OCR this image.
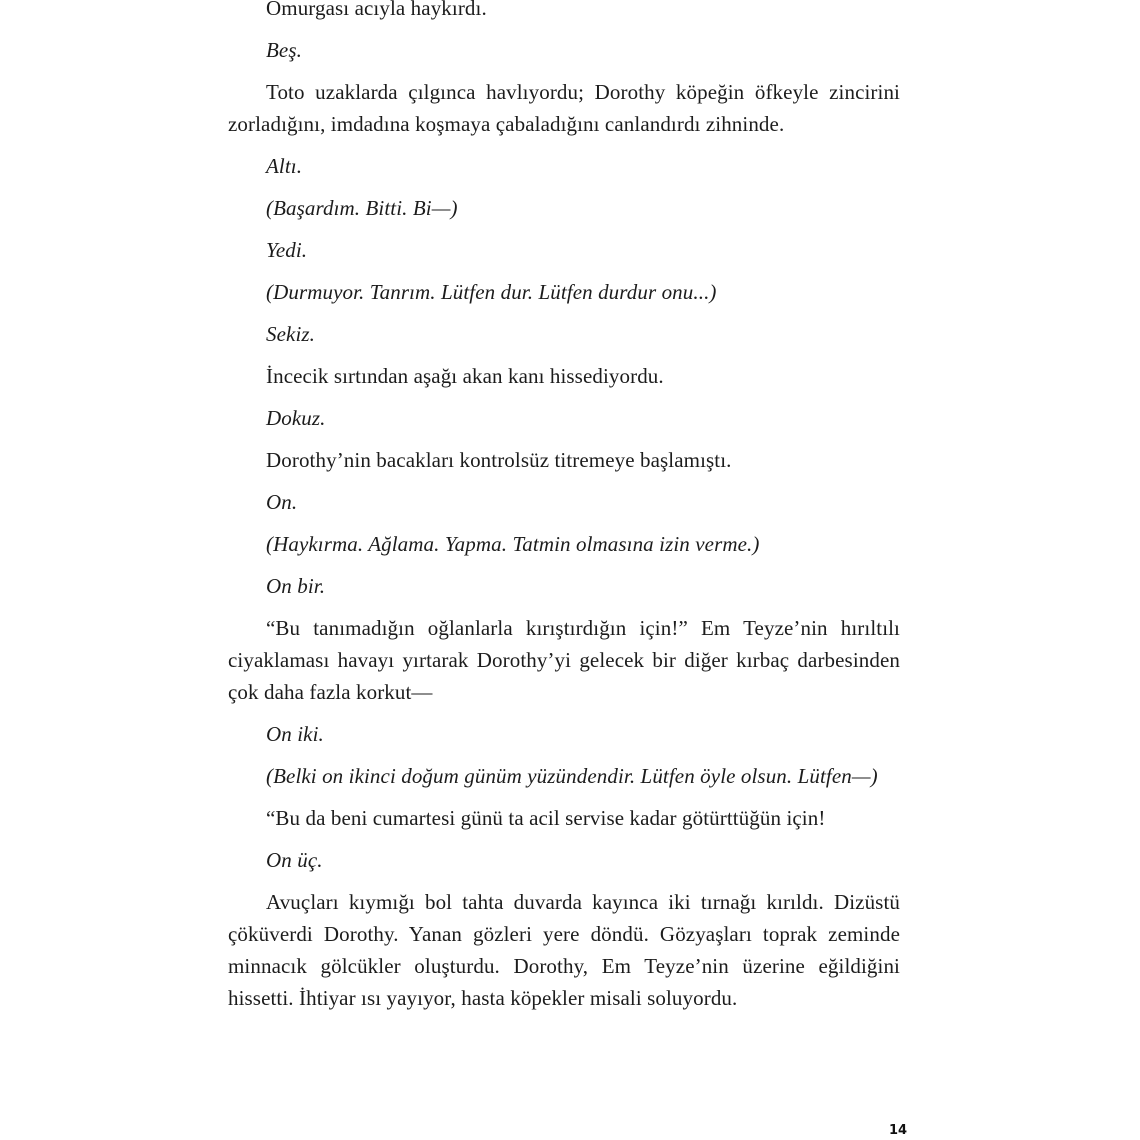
Omurgası acıyla haykırdı.

Beş.

Toto uzaklarda çılgınca havlıyordu; Dorothy köpeğin öfkeyle zincirini zorladığını, imdadına koşmaya çabaladığını canlandırdı zihninde.

Altı.

(Başardım. Bitti. Bi—)

Yedi.

(Durmuyor. Tanrım. Lütfen dur. Lütfen durdur onu...)

Sekiz.

İncecik sırtından aşağı akan kanı hissediyordu.

Dokuz.

Dorothy’nin bacakları kontrolsüz titremeye başlamıştı.

On.

(Haykırma. Ağlama. Yapma. Tatmin olmasına izin verme.)

On bir.

“Bu tanımadığın oğlanlarla kırıştırdığın için!” Em Teyze’nin hırıltılı ciyaklaması havayı yırtarak Dorothy’yi gelecek bir diğer kırbaç darbesinden çok daha fazla korkut—

On iki.

(Belki on ikinci doğum günüm yüzündendir. Lütfen öyle olsun. Lütfen—)

“Bu da beni cumartesi günü ta acil servise kadar götürttüğün için!

On üç.

Avuçları kıymığı bol tahta duvarda kayınca iki tırnağı kırıldı. Dizüstü çöküverdi Dorothy. Yanan gözleri yere döndü. Gözyaşları toprak zeminde minnacık gölcükler oluşturdu. Dorothy, Em Teyze’nin üzerine eğildiğini hissetti. İhtiyar ısı yayıyor, hasta köpekler misali soluyordu.

14
